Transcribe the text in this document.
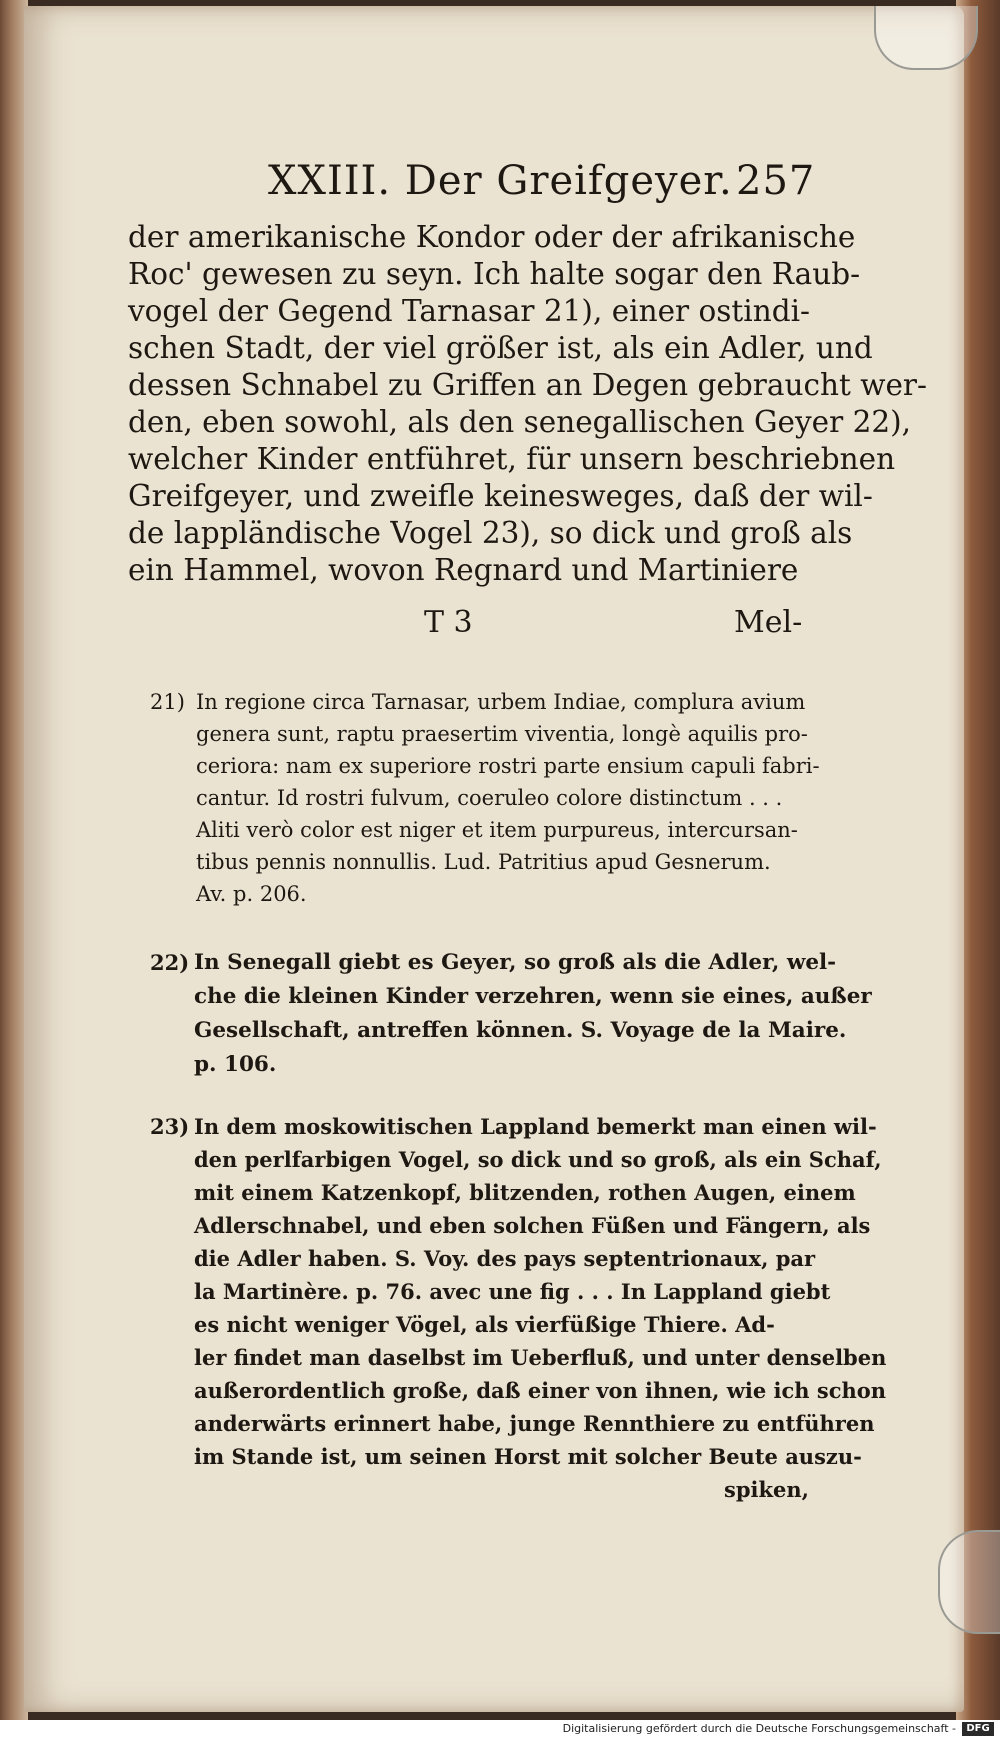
XXIII. Der Greifgeyer. 257
der amerikanische Kondor oder der afrikanische
Roc' gewesen zu seyn. Ich halte sogar den Raub-
vogel der Gegend Tarnasar 21), einer ostindi-
schen Stadt, der viel größer ist, als ein Adler, und
dessen Schnabel zu Griffen an Degen gebraucht wer-
den, eben sowohl, als den senegallischen Geyer 22),
welcher Kinder entführet, für unsern beschriebnen
Greifgeyer, und zweifle keinesweges, daß der wil-
de lappländische Vogel 23), so dick und groß als
ein Hammel, wovon Regnard und Martiniere
T 3	Mel-
21) In regione circa Tarnasar, urbem Indiae, complura avium
genera sunt, raptu praesertim viventia, longè aquilis pro-
ceriora: nam ex superiore rostri parte ensium capuli fabri-
cantur. Id rostri fulvum, coeruleo colore distinctum . . .
Aliti verò color est niger et item purpureus, intercursan-
tibus pennis nonnullis. Lud. Patritius apud Gesnerum.
Av. p. 206.
22) In Senegall giebt es Geyer, so groß als die Adler, wel-
che die kleinen Kinder verzehren, wenn sie eines, außer
Gesellschaft, antreffen können. S. Voyage de la Maire.
p. 106.
23) In dem moskowitischen Lappland bemerkt man einen wil-
den perlfarbigen Vogel, so dick und so groß, als ein Schaf,
mit einem Katzenkopf, blitzenden, rothen Augen, einem
Adlerschnabel, und eben solchen Füßen und Fängern, als
die Adler haben. S. Voy. des pays septentrionaux, par
la Martinère. p. 76. avec une fig . . . In Lappland giebt
es nicht weniger Vögel, als vierfüßige Thiere. Ad-
ler findet man daselbst im Ueberfluß, und unter denselben
außerordentlich große, daß einer von ihnen, wie ich schon
anderwärts erinnert habe, junge Rennthiere zu entführen
im Stande ist, um seinen Horst mit solcher Beute auszu-
spiken,
Digitalisierung gefördert durch die Deutsche Forschungsgemeinschaft -	DFG
